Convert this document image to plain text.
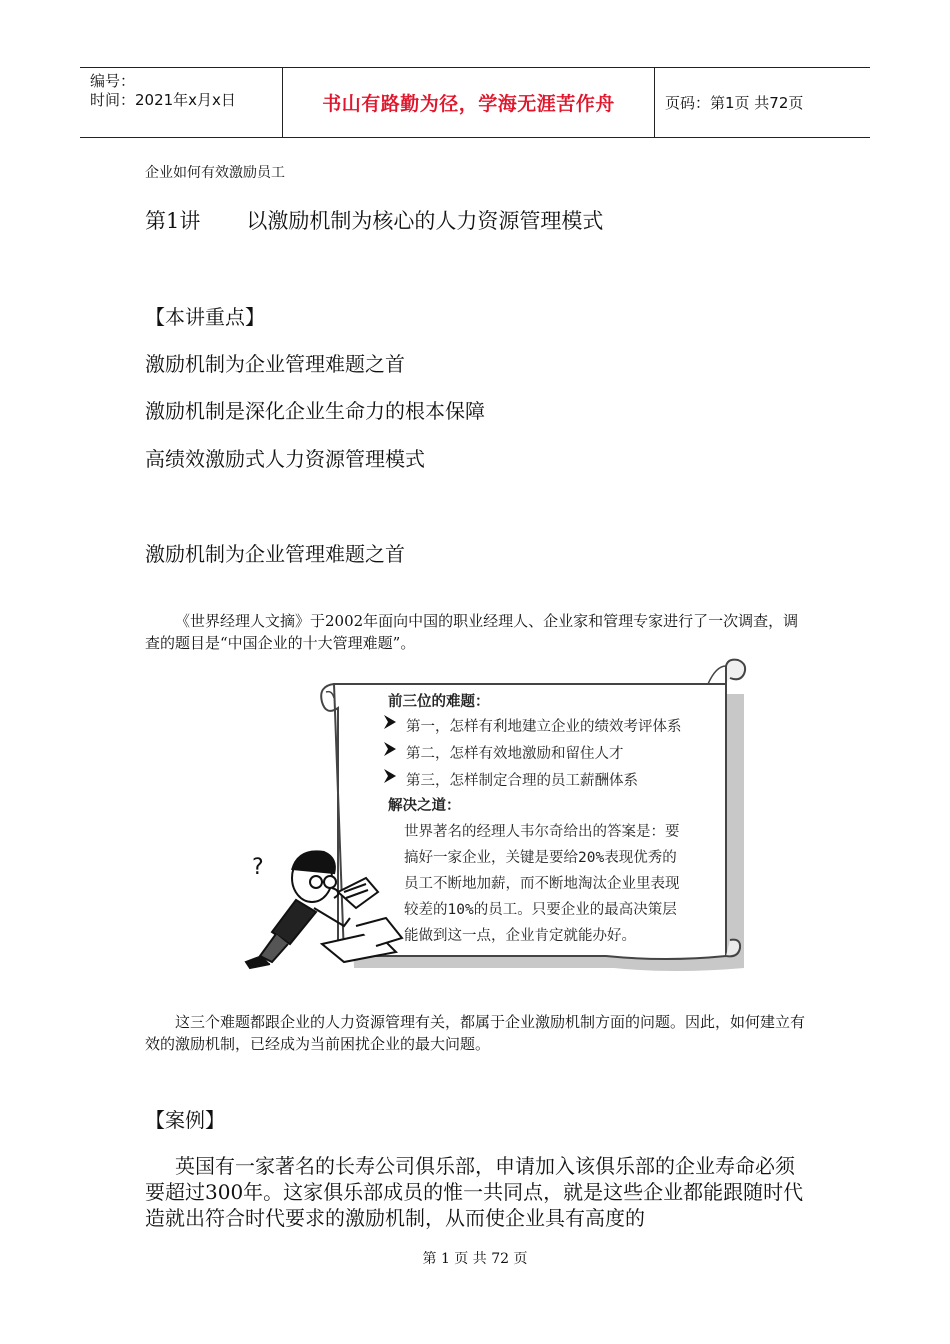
编号：
时间：2021年x月x日	书山有路勤为径，学海无涯苦作舟	页码：第1页 共72页
企业如何有效激励员工
第1讲 以激励机制为核心的人力资源管理模式
【本讲重点】
激励机制为企业管理难题之首
激励机制是深化企业生命力的根本保障
高绩效激励式人力资源管理模式
激励机制为企业管理难题之首
《世界经理人文摘》于2002年面向中国的职业经理人、企业家和管理专家进行了一次调查，调查的题目是“中国企业的十大管理难题”。
?
前三位的难题：
第一，怎样有利地建立企业的绩效考评体系
第二，怎样有效地激励和留住人才
第三，怎样制定合理的员工薪酬体系
解决之道：
世界著名的经理人韦尔奇给出的答案是：要
搞好一家企业，关键是要给20%表现优秀的
员工不断地加薪，而不断地淘汰企业里表现
较差的10%的员工。只要企业的最高决策层
能做到这一点，企业肯定就能办好。
这三个难题都跟企业的人力资源管理有关，都属于企业激励机制方面的问题。因此，如何建立有效的激励机制，已经成为当前困扰企业的最大问题。
【案例】
英国有一家著名的长寿公司俱乐部，申请加入该俱乐部的企业寿命必须要超过300年。这家俱乐部成员的惟一共同点，就是这些企业都能跟随时代造就出符合时代要求的激励机制，从而使企业具有高度的
第 1 页 共 72 页
